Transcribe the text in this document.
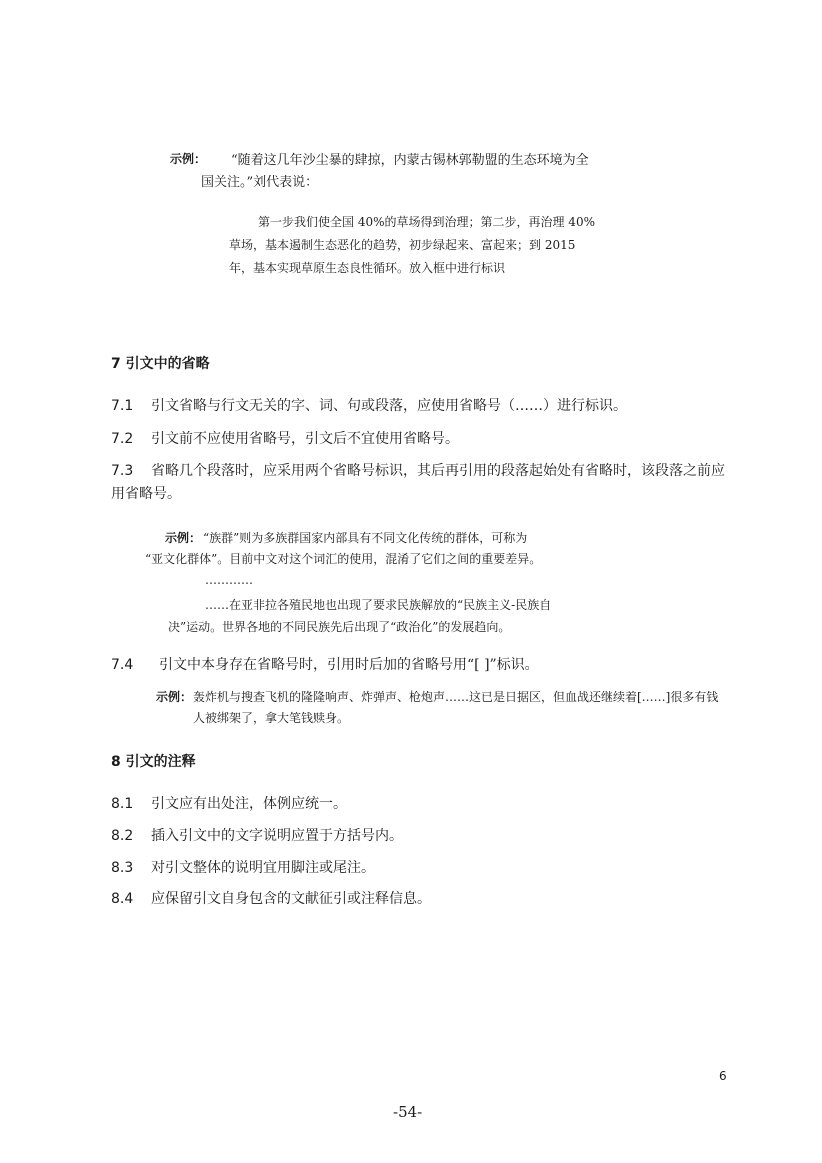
示例： “随着这几年沙尘暴的肆掠，内蒙古锡林郭勒盟的生态环境为全
国关注。”刘代表说：
第一步我们使全国 40%的草场得到治理；第二步，再治理 40%
草场，基本遏制生态恶化的趋势，初步绿起来、富起来；到 2015
年，基本实现草原生态良性循环。放入框中进行标识
7 引文中的省略
7.1 引文省略与行文无关的字、词、句或段落，应使用省略号（……）进行标识。
7.2 引文前不应使用省略号，引文后不宜使用省略号。
7.3 省略几个段落时，应采用两个省略号标识，其后再引用的段落起始处有省略时，该段落之前应
用省略号。
示例： “族群”则为多族群国家内部具有不同文化传统的群体，可称为
“亚文化群体”。目前中文对这个词汇的使用，混淆了它们之间的重要差异。
…………
……在亚非拉各殖民地也出现了要求民族解放的“民族主义-民族自
决”运动。世界各地的不同民族先后出现了“政治化”的发展趋向。
7.4 引文中本身存在省略号时，引用时后加的省略号用“[ ]”标识。
示例： 轰炸机与搜查飞机的隆隆响声、炸弹声、枪炮声……这已是日据区，但血战还继续着[……]很多有钱
人被绑架了，拿大笔钱赎身。
8 引文的注释
8.1 引文应有出处注，体例应统一。
8.2 插入引文中的文字说明应置于方括号内。
8.3 对引文整体的说明宜用脚注或尾注。
8.4 应保留引文自身包含的文献征引或注释信息。
6
-54-
